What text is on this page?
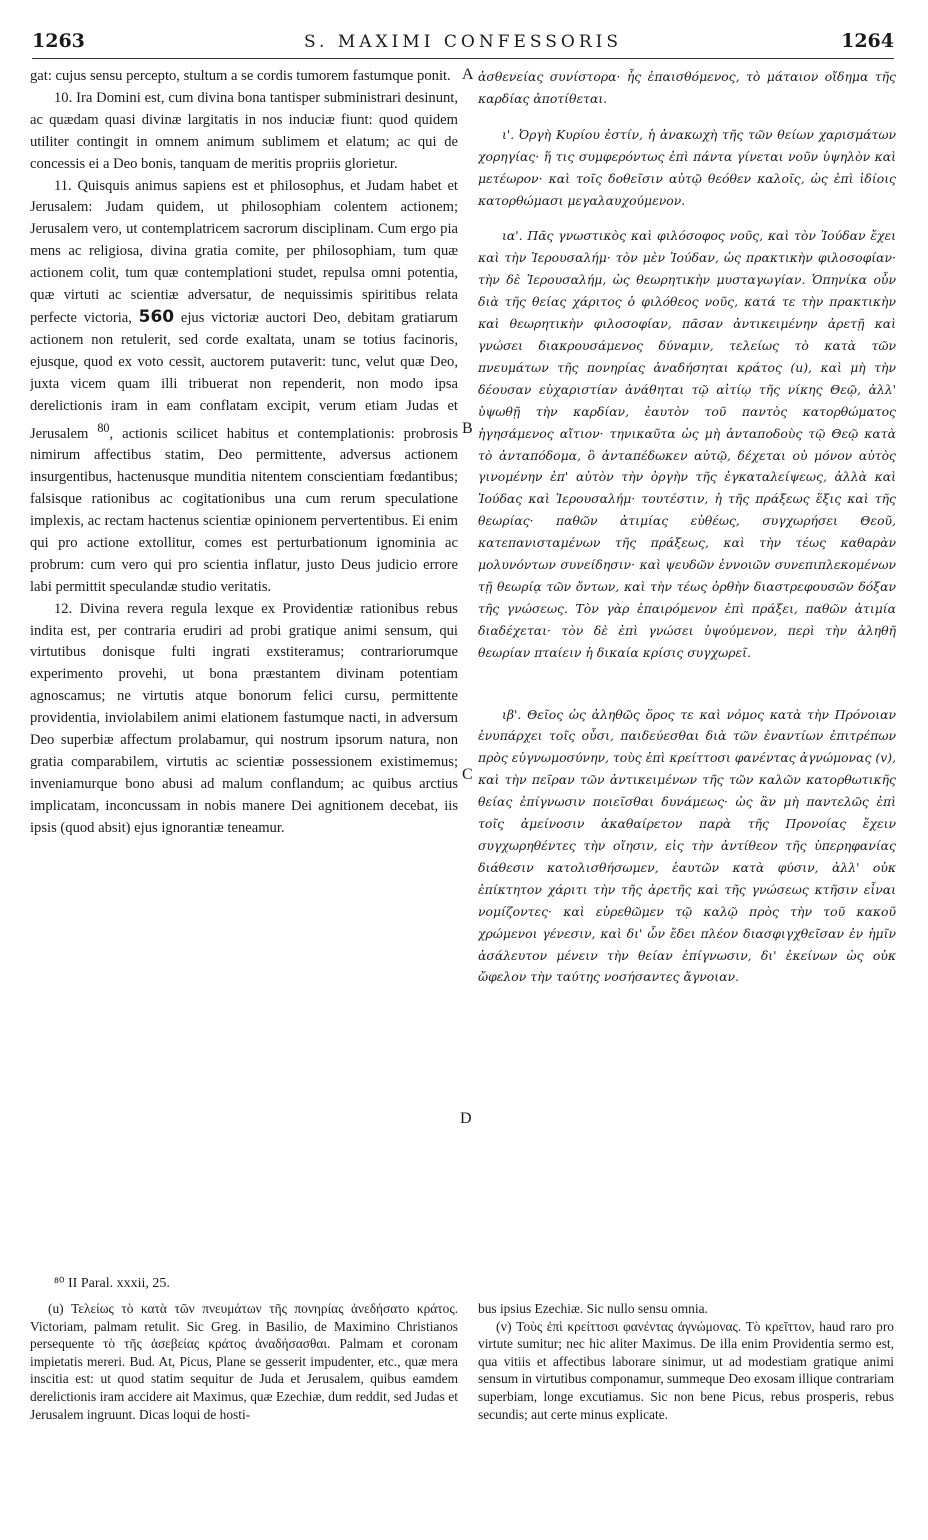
1263	S. MAXIMI CONFESSORIS	1264

gat: cujus sensu percepto, stultum a se cordis tumorem fastumque ponit.

10. Ira Domini est, cum divina bona tantisper subministrari desinunt, ac quædam quasi divinæ largitatis in nos induciæ fiunt: quod quidem utiliter contingit in omnem animum sublimem et elatum; ac qui de concessis ei a Deo bonis, tanquam de meritis propriis glorietur.

11. Quisquis animus sapiens est et philosophus, et Judam habet et Jerusalem: Judam quidem, ut philosophiam colentem actionem; Jerusalem vero, ut contemplatricem sacrorum disciplinam. Cum ergo pia mens ac religiosa, divina gratia comite, per philosophiam, tum quæ actionem colit, tum quæ contemplationi studet, repulsa omni potentia, quæ virtuti ac scientiæ adversatur, de nequissimis spiritibus relata perfecte victoria, 560 ejus victoriæ auctori Deo, debitam gratiarum actionem non retulerit, sed corde exaltata, unam se totius facinoris, ejusque, quod ex voto cessit, auctorem putaverit: tunc, velut quæ Deo, juxta vicem quam illi tribuerat non rependerit, non modo ipsa derelictionis iram in eam conflatam excipit, verum etiam Judas et Jerusalem $^{80}$, actionis scilicet habitus et contemplationis: probrosis nimirum affectibus statim, Deo permittente, adversus actionem insurgentibus, hactenusque munditia nitentem conscientiam fœdantibus; falsisque rationibus ac cogitationibus una cum rerum speculatione implexis, ac rectam hactenus scientiæ opinionem pervertentibus. Ei enim qui pro actione extollitur, comes est perturbationum ignominia ac probrum: cum vero qui pro scientia inflatur, justo Deus judicio errore labi permittit speculandæ studio veritatis.

12. Divina revera regula lexque ex Providentiæ rationibus rebus indita est, per contraria erudiri ad probi gratique animi sensum, qui virtutibus donisque fulti ingrati exstiteramus; contrariorumque experimento provehi, ut bona præstantem divinam potentiam agnoscamus; ne virtutis atque bonorum felici cursu, permittente providentia, inviolabilem animi elationem fastumque nacti, in adversum Deo superbiæ affectum prolabamur, qui nostrum ipsorum natura, non gratia comparabilem, virtutis ac scientiæ possessionem existimemus; inveniamurque bono abusi ad malum conflandum; ac quibus arctius implicatam, inconcussam in nobis manere Dei agnitionem decebat, iis ipsis (quod absit) ejus ignorantiæ teneamur.

A
B
C
D

ἀσθενείας συνίστορα· ἧς ἐπαισθόμενος, τὸ μάταιον οἴδημα τῆς καρδίας ἀποτίθεται.

ι'. Ὀργὴ Κυρίου ἐστίν, ἡ ἀνακωχὴ τῆς τῶν θείων χαρισμάτων χορηγίας· ἥ τις συμφερόντως ἐπὶ πάντα γίνεται νοῦν ὑψηλὸν καὶ μετέωρον· καὶ τοῖς δοθεῖσιν αὐτῷ θεόθεν καλοῖς, ὡς ἐπὶ ἰδίοις κατορθώμασι μεγαλαυχούμενον.

ια'. Πᾶς γνωστικὸς καὶ φιλόσοφος νοῦς, καὶ τὸν Ἰούδαν ἔχει καὶ τὴν Ἱερουσαλήμ· τὸν μὲν Ἰούδαν, ὡς πρακτικὴν φιλοσοφίαν· τὴν δὲ Ἱερουσαλήμ, ὡς θεωρητικὴν μυσταγωγίαν. Ὁπηνίκα οὖν διὰ τῆς θείας χάριτος ὁ φιλόθεος νοῦς, κατά τε τὴν πρακτικὴν καὶ θεωρητικὴν φιλοσοφίαν, πᾶσαν ἀντικειμένην ἀρετῇ καὶ γνώσει διακρουσάμενος δύναμιν, τελείως τὸ κατὰ τῶν πνευμάτων τῆς πονηρίας ἀναδήσηται κράτος (u), καὶ μὴ τὴν δέουσαν εὐχαριστίαν ἀνάθηται τῷ αἰτίῳ τῆς νίκης Θεῷ, ἀλλ' ὑψωθῇ τὴν καρδίαν, ἑαυτὸν τοῦ παντὸς κατορθώματος ἡγησάμενος αἴτιον· τηνικαῦτα ὡς μὴ ἀνταποδοὺς τῷ Θεῷ κατὰ τὸ ἀνταπόδομα, ὃ ἀνταπέδωκεν αὐτῷ, δέχεται οὐ μόνον αὐτὸς γινομένην ἐπ' αὐτὸν τὴν ὀργὴν τῆς ἐγκαταλείψεως, ἀλλὰ καὶ Ἰούδας καὶ Ἱερουσαλήμ· τουτέστιν, ἡ τῆς πράξεως ἕξις καὶ τῆς θεωρίας· παθῶν ἀτιμίας εὐθέως, συγχωρήσει Θεοῦ, κατεπανισταμένων τῆς πράξεως, καὶ τὴν τέως καθαρὰν μολυνόντων συνείδησιν· καὶ ψευδῶν ἐννοιῶν συνεπιπλεκομένων τῇ θεωρίᾳ τῶν ὄντων, καὶ τὴν τέως ὀρθὴν διαστρεφουσῶν δόξαν τῆς γνώσεως. Τὸν γὰρ ἐπαιρόμενον ἐπὶ πράξει, παθῶν ἀτιμία διαδέχεται· τὸν δὲ ἐπὶ γνώσει ὑψούμενον, περὶ τὴν ἀληθῆ θεωρίαν πταίειν ἡ δικαία κρίσις συγχωρεῖ.

ιβ'. Θεῖος ὡς ἀληθῶς ὅρος τε καὶ νόμος κατὰ τὴν Πρόνοιαν ἐνυπάρχει τοῖς οὖσι, παιδεύεσθαι διὰ τῶν ἐναντίων ἐπιτρέπων πρὸς εὐγνωμοσύνην, τοὺς ἐπὶ κρείττοσι φανέντας ἀγνώμονας (v), καὶ τὴν πεῖραν τῶν ἀντικειμένων τῆς τῶν καλῶν κατορθωτικῆς θείας ἐπίγνωσιν ποιεῖσθαι δυνάμεως· ὡς ἂν μὴ παντελῶς ἐπὶ τοῖς ἀμείνοσιν ἀκαθαίρετον παρὰ τῆς Προνοίας ἔχειν συγχωρηθέντες τὴν οἴησιν, εἰς τὴν ἀντίθεον τῆς ὑπερηφανίας διάθεσιν κατολισθήσωμεν, ἑαυτῶν κατὰ φύσιν, ἀλλ' οὐκ ἐπίκτητον χάριτι τὴν τῆς ἀρετῆς καὶ τῆς γνώσεως κτῆσιν εἶναι νομίζοντες· καὶ εὑρεθῶμεν τῷ καλῷ πρὸς τὴν τοῦ κακοῦ χρώμενοι γένεσιν, καὶ δι' ὧν ἔδει πλέον διασφιγχθεῖσαν ἐν ἡμῖν ἀσάλευτον μένειν τὴν θείαν ἐπίγνωσιν, δι' ἐκείνων ὡς οὐκ ὤφελον τὴν ταύτης νοσήσαντες ἄγνοιαν.

⁸⁰ II Paral. xxxii, 25.

(u) Τελείως τὸ κατὰ τῶν πνευμάτων τῆς πονηρίας ἀνεδήσατο κράτος. Victoriam, palmam retulit. Sic Greg. in Basilio, de Maximino Christianos persequente τὸ τῆς ἀσεβείας κράτος ἀναδήσασθαι. Palmam et coronam impietatis mereri. Bud. At, Picus, Plane se gesserit impudenter, etc., quæ mera inscitia est: ut quod statim sequitur de Juda et Jerusalem, quibus eamdem derelictionis iram accidere ait Maximus, quæ Ezechiæ, dum reddit, sed Judas et Jerusalem ingruunt. Dicas loqui de hosti-

bus ipsius Ezechiæ. Sic nullo sensu omnia.

(v) Τοὺς ἐπὶ κρείττοσι φανέντας ἀγνώμονας. Τὸ κρεῖττον, haud raro pro virtute sumitur; nec hic aliter Maximus. De illa enim Providentia sermo est, qua vitiis et affectibus laborare sinimur, ut ad modestiam gratique animi sensum in virtutibus componamur, summeque Deo exosam illique contrariam superbiam, longe excutiamus. Sic non bene Picus, rebus prosperis, rebus secundis; aut certe minus explicate.
